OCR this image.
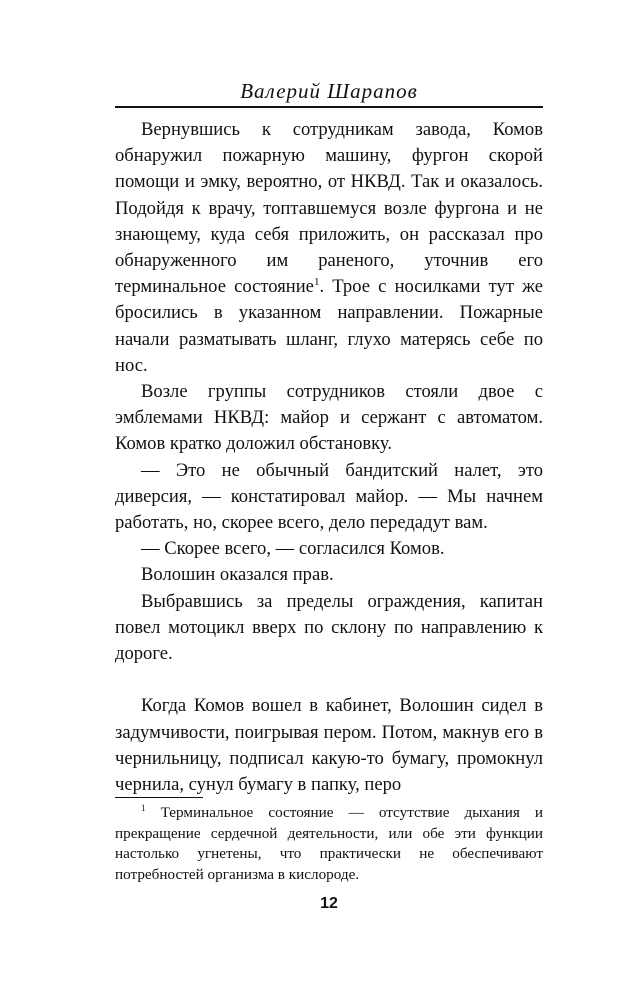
Валерий Шарапов

Вернувшись к сотрудникам завода, Комов обнаружил пожарную машину, фургон скорой помощи и эмку, вероятно, от НКВД. Так и оказалось. Подойдя к врачу, топтавшемуся возле фургона и не знающему, куда себя приложить, он рассказал про обнаруженного им раненого, уточнив его терминальное состояние$^1$. Трое с носилками тут же бросились в указанном направлении. Пожарные начали разматывать шланг, глухо матерясь себе по нос.

Возле группы сотрудников стояли двое с эмблемами НКВД: майор и сержант с автоматом. Комов кратко доложил обстановку.

— Это не обычный бандитский налет, это диверсия, — констатировал майор. — Мы начнем работать, но, скорее всего, дело передадут вам.

— Скорее всего, — согласился Комов.

Волошин оказался прав.

Выбравшись за пределы ограждения, капитан повел мотоцикл вверх по склону по направлению к дороге.

Когда Комов вошел в кабинет, Волошин сидел в задумчивости, поигрывая пером. Потом, макнув его в чернильницу, подписал какую-то бумагу, промокнул чернила, сунул бумагу в папку, перо

$^1$ Терминальное состояние — отсутствие дыхания и прекращение сердечной деятельности, или обе эти функции настолько угнетены, что практически не обеспечивают потребностей организма в кислороде.

12
